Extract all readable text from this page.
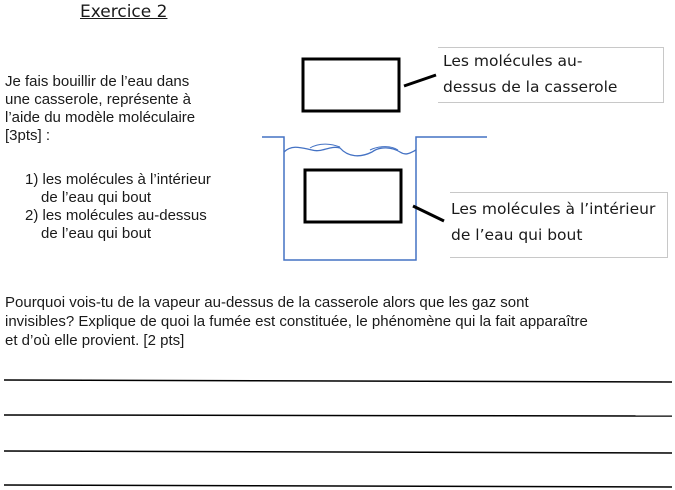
Exercice 2
Je fais bouillir de l’eau dans
une casserole, représente à
l’aide du modèle moléculaire
[3pts] :
1) les molécules à l’intérieur
de l’eau qui bout
2) les molécules au-dessus
de l’eau qui bout
Les molécules au-
dessus de la casserole
Les molécules à l’intérieur
de l’eau qui bout
Pourquoi vois-tu de la vapeur au-dessus de la casserole alors que les gaz sont
invisibles? Explique de quoi la fumée est constituée, le phénomène qui la fait apparaître
et d’où elle provient. [2 pts]
